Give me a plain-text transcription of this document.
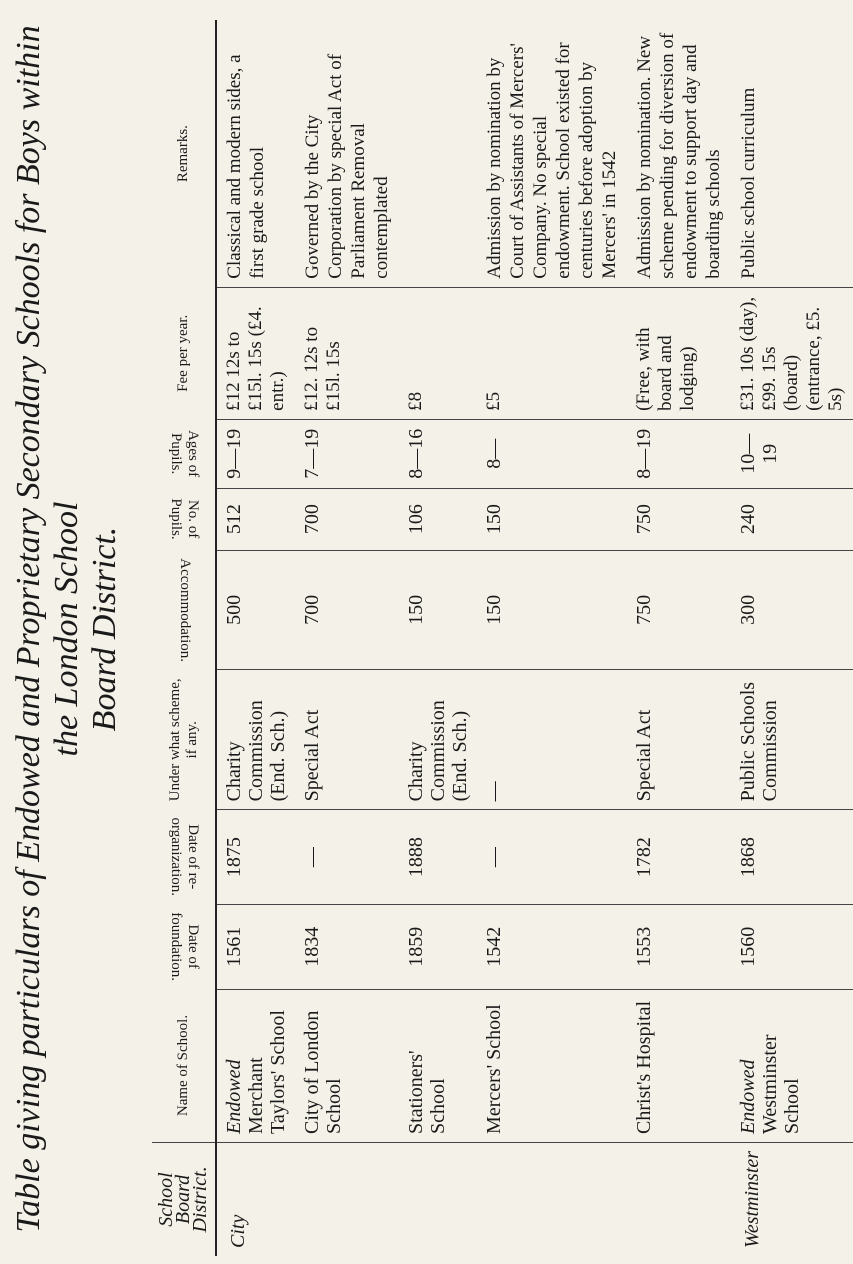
Table giving particulars of Endowed and Proprietary Secondary Schools for Boys within the London School Board District.
School Board District.	Name of School.	Date of foundation.	Date of re-organization.	Under what scheme, if any.	Accommodation.	No. of Pupils.	Ages of Pupils.	Fee per year.	Remarks.
City	Endowed Merchant Taylors' School	1561	1875	Charity Commission (End. Sch.)	500	512	9—19	£12 12s to £15l. 15s (£4. entr.)	Classical and modern sides, a first grade school
	City of London School	1834	—	Special Act	700	700	7—19	£12. 12s to £15l. 15s	Governed by the City Corporation by special Act of Parliament Removal contemplated
	Stationers' School	1859	1888	Charity Commission (End. Sch.)	150	106	8—16	£8	
	Mercers' School	1542	—	—	150	150	8—	£5	Admission by nomination by Court of Assistants of Mercers' Company. No special endowment. School existed for centuries before adoption by Mercers' in 1542
	Christ's Hospital	1553	1782	Special Act	750	750	8—19	(Free, with board and lodging)	Admission by nomination. New scheme pending for diversion of endowment to support day and boarding schools
Westminster	Endowed Westminster School	1560	1868	Public Schools Commission	300	240	10—19	£31. 10s (day), £99. 15s (board) (entrance, £5. 5s)	Public school curriculum
